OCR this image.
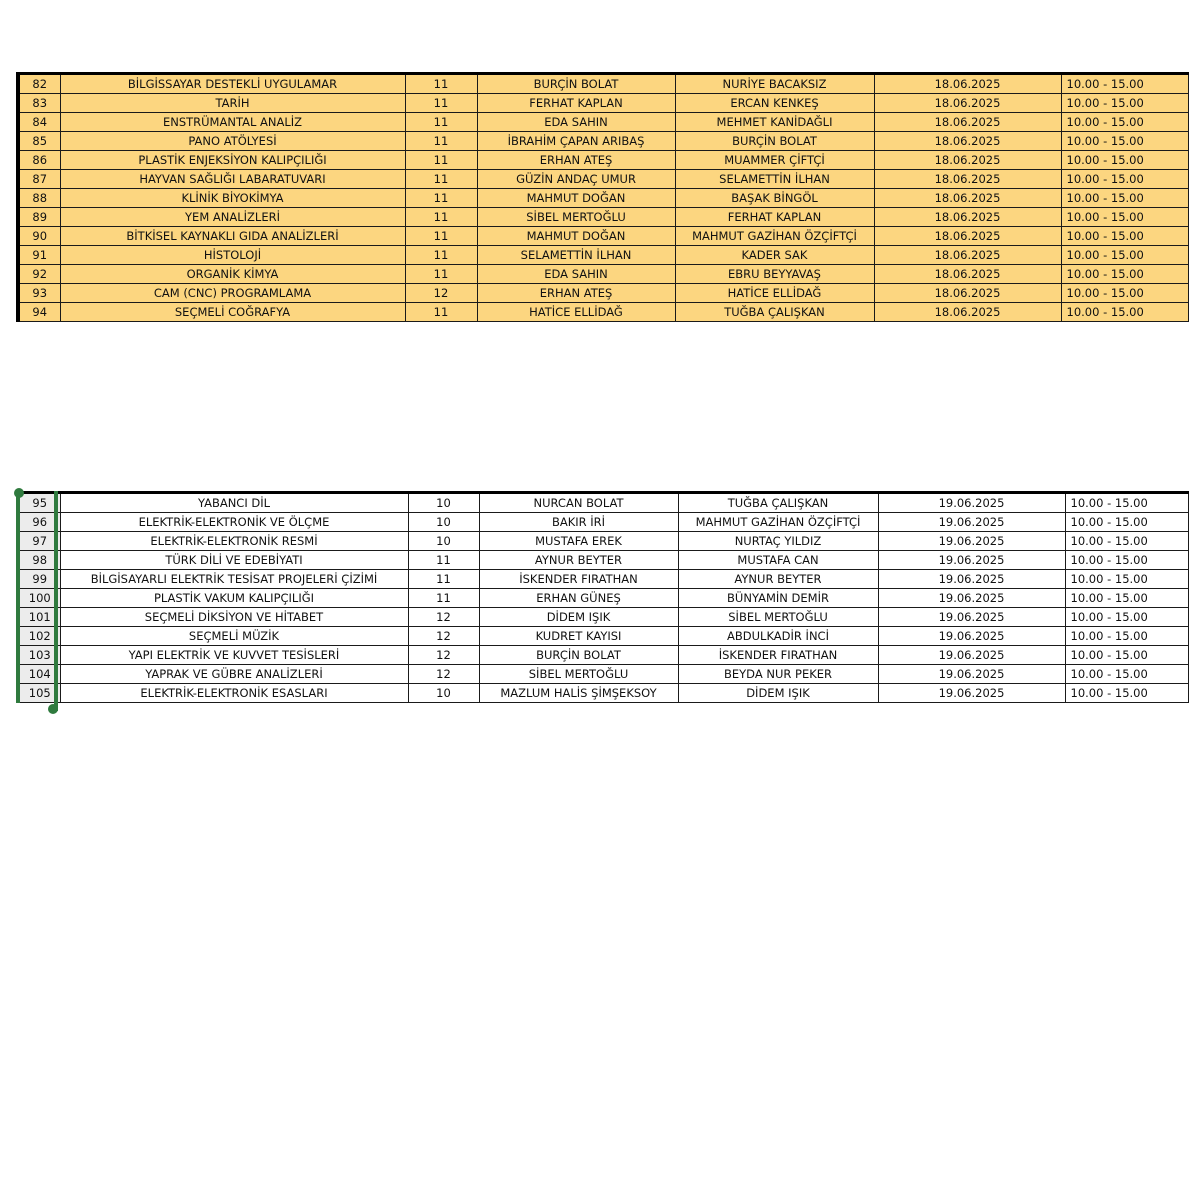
82	BİLGİSSAYAR DESTEKLİ UYGULAMAR	11	BURÇİN BOLAT	NURİYE BACAKSIZ	18.06.2025	10.00 - 15.00
83	TARİH	11	FERHAT KAPLAN	ERCAN KENKEŞ	18.06.2025	10.00 - 15.00
84	ENSTRÜMANTAL ANALİZ	11	EDA SAHIN	MEHMET KANİDAĞLI	18.06.2025	10.00 - 15.00
85	PANO ATÖLYESİ	11	İBRAHİM ÇAPAN ARIBAŞ	BURÇİN BOLAT	18.06.2025	10.00 - 15.00
86	PLASTİK ENJEKSİYON KALIPÇILIĞI	11	ERHAN ATEŞ	MUAMMER ÇİFTÇİ	18.06.2025	10.00 - 15.00
87	HAYVAN SAĞLIĞI LABARATUVARI	11	GÜZİN ANDAÇ UMUR	SELAMETTİN İLHAN	18.06.2025	10.00 - 15.00
88	KLİNİK BİYOKİMYA	11	MAHMUT DOĞAN	BAŞAK BİNGÖL	18.06.2025	10.00 - 15.00
89	YEM ANALİZLERİ	11	SİBEL MERTOĞLU	FERHAT KAPLAN	18.06.2025	10.00 - 15.00
90	BİTKİSEL KAYNAKLI GIDA ANALİZLERİ	11	MAHMUT DOĞAN	MAHMUT GAZİHAN ÖZÇİFTÇİ	18.06.2025	10.00 - 15.00
91	HİSTOLOJİ	11	SELAMETTİN İLHAN	KADER SAK	18.06.2025	10.00 - 15.00
92	ORGANİK KİMYA	11	EDA SAHIN	EBRU BEYYAVAŞ	18.06.2025	10.00 - 15.00
93	CAM (CNC) PROGRAMLAMA	12	ERHAN ATEŞ	HATİCE ELLİDAĞ	18.06.2025	10.00 - 15.00
94	SEÇMELİ COĞRAFYA	11	HATİCE ELLİDAĞ	TUĞBA ÇALIŞKAN	18.06.2025	10.00 - 15.00
95	YABANCI DİL	10	NURCAN BOLAT	TUĞBA ÇALIŞKAN	19.06.2025	10.00 - 15.00
96	ELEKTRİK-ELEKTRONİK VE ÖLÇME	10	BAKIR İRİ	MAHMUT GAZİHAN ÖZÇİFTÇİ	19.06.2025	10.00 - 15.00
97	ELEKTRİK-ELEKTRONİK RESMİ	10	MUSTAFA EREK	NURTAÇ YILDIZ	19.06.2025	10.00 - 15.00
98	TÜRK DİLİ VE EDEBİYATI	11	AYNUR BEYTER	MUSTAFA CAN	19.06.2025	10.00 - 15.00
99	BİLGİSAYARLI ELEKTRİK TESİSAT PROJELERİ ÇİZİMİ	11	İSKENDER FIRATHAN	AYNUR BEYTER	19.06.2025	10.00 - 15.00
100	PLASTİK VAKUM KALIPÇILIĞI	11	ERHAN GÜNEŞ	BÜNYAMİN DEMİR	19.06.2025	10.00 - 15.00
101	SEÇMELİ DİKSİYON VE HİTABET	12	DİDEM IŞIK	SİBEL MERTOĞLU	19.06.2025	10.00 - 15.00
102	SEÇMELİ MÜZİK	12	KUDRET KAYISI	ABDULKADİR İNCİ	19.06.2025	10.00 - 15.00
103	YAPI ELEKTRİK VE KUVVET TESİSLERİ	12	BURÇİN BOLAT	İSKENDER FIRATHAN	19.06.2025	10.00 - 15.00
104	YAPRAK VE GÜBRE ANALİZLERİ	12	SİBEL MERTOĞLU	BEYDA NUR PEKER	19.06.2025	10.00 - 15.00
105	ELEKTRİK-ELEKTRONİK ESASLARI	10	MAZLUM HALİS ŞİMŞEKSOY	DİDEM IŞIK	19.06.2025	10.00 - 15.00
